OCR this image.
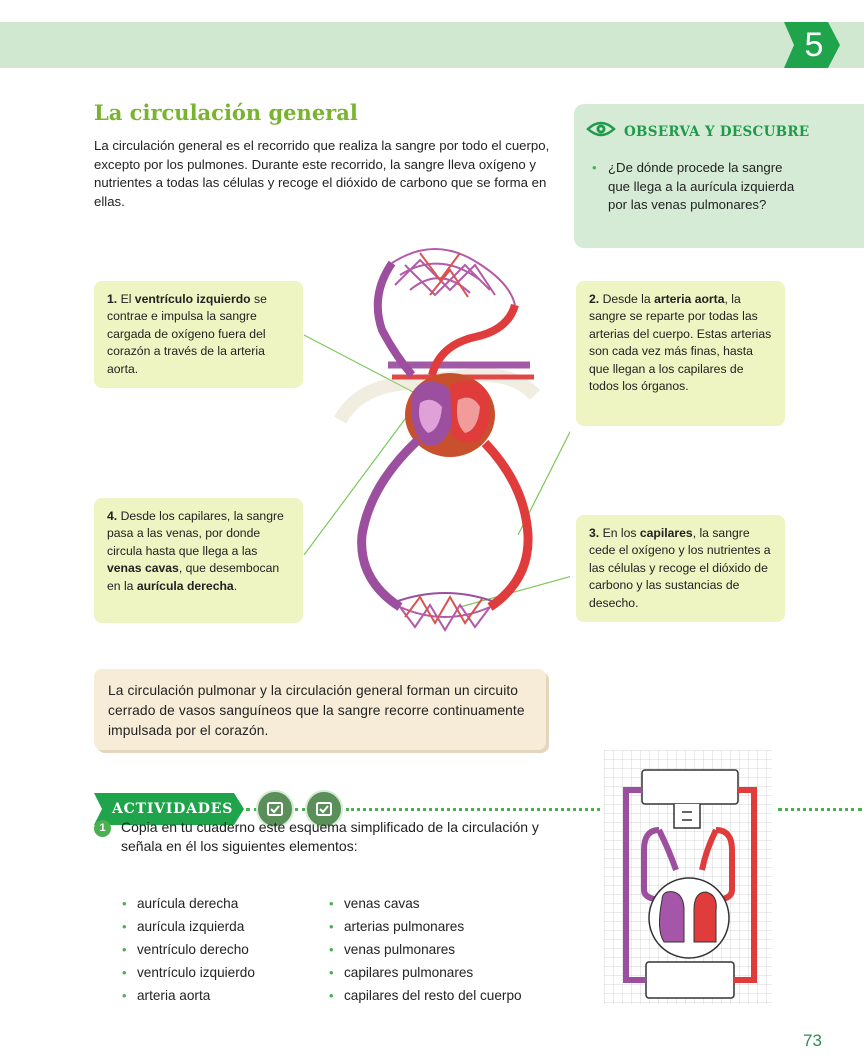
5
La circulación general

La circulación general es el recorrido que realiza la sangre por todo el cuerpo, excepto por los pulmones. Durante este recorrido, la sangre lleva oxígeno y nutrientes a todas las células y recoge el dióxido de carbono que se forma en ellas.

OBSERVA Y DESCUBRE

• ¿De dónde procede la sangre que llega a la aurícula izquierda por las venas pulmonares?

1. El ventrículo izquierdo se contrae e impulsa la sangre cargada de oxígeno fuera del corazón a través de la arteria aorta.
2. Desde la arteria aorta, la sangre se reparte por todas las arterias del cuerpo. Estas arterias son cada vez más finas, hasta que llegan a los capilares de todos los órganos.
3. En los capilares, la sangre cede el oxígeno y los nutrientes a las células y recoge el dióxido de carbono y las sustancias de desecho.
4. Desde los capilares, la sangre pasa a las venas, por donde circula hasta que llega a las venas cavas, que desembocan en la aurícula derecha.
La circulación pulmonar y la circulación general forman un circuito cerrado de vasos sanguíneos que la sangre recorre continuamente impulsada por el corazón.
ACTIVIDADES
1	Copia en tu cuaderno este esquema simplificado de la circulación y señala en él los siguientes elementos:

• aurícula derecha
• aurícula izquierda
• ventrículo derecho
• ventrículo izquierdo
• arteria aorta
• venas cavas
• arterias pulmonares
• venas pulmonares
• capilares pulmonares
• capilares del resto del cuerpo
73
